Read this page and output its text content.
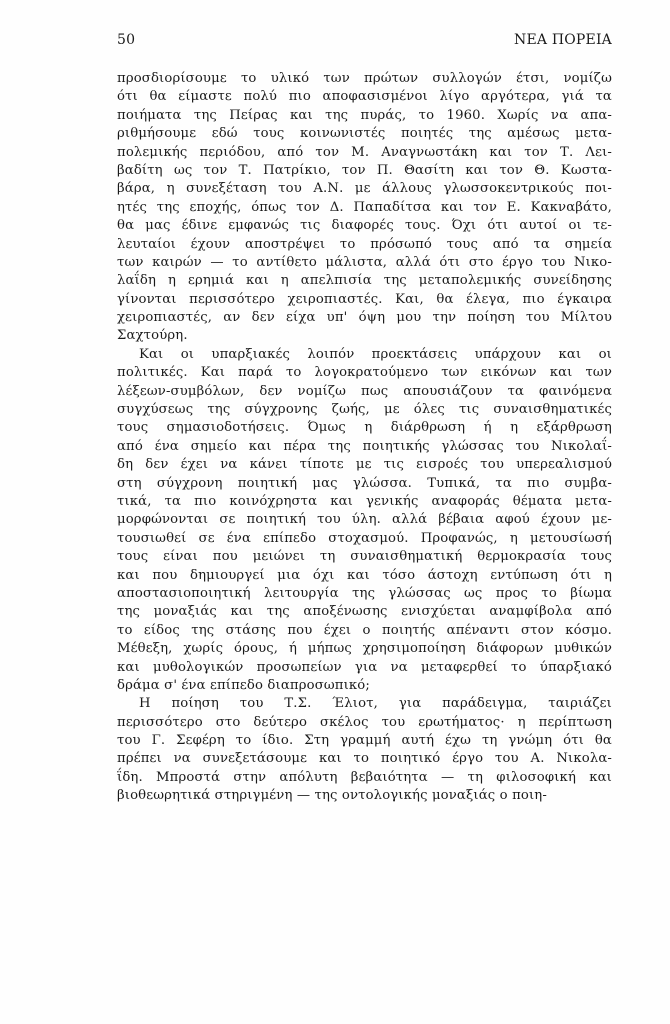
50	ΝΕΑ ΠΟΡΕΙΑ
προσδιορίσουμε το υλικό των πρώτων συλλογών έτσι, νομίζω
ότι θα είμαστε πολύ πιο αποφασισμένοι λίγο αργότερα, γιά τα
ποιήματα της Πείρας και της πυράς, το 1960. Χωρίς να απα-
ριθμήσουμε εδώ τους κοινωνιστές ποιητές της αμέσως μετα-
πολεμικής περιόδου, από τον Μ. Αναγνωστάκη και τον Τ. Λει-
βαδίτη ως τον Τ. Πατρίκιο, τον Π. Θασίτη και τον Θ. Κωστα-
βάρα, η συνεξέταση του Α.Ν. με άλλους γλωσσοκεντρικούς ποι-
ητές της εποχής, όπως τον Δ. Παπαδίτσα και τον Ε. Κακναβάτο,
θα μας έδινε εμφανώς τις διαφορές τους. Όχι ότι αυτοί οι τε-
λευταίοι έχουν αποστρέψει το πρόσωπό τους από τα σημεία
των καιρών — το αντίθετο μάλιστα, αλλά ότι στο έργο του Νικο-
λαΐδη η ερημιά και η απελπισία της μεταπολεμικής συνείδησης
γίνονται περισσότερο χειροπιαστές. Και, θα έλεγα, πιο έγκαιρα
χειροπιαστές, αν δεν είχα υπ' όψη μου την ποίηση του Μίλτου
Σαχτούρη.
Και οι υπαρξιακές λοιπόν προεκτάσεις υπάρχουν και οι
πολιτικές. Και παρά το λογοκρατούμενο των εικόνων και των
λέξεων-συμβόλων, δεν νομίζω πως απουσιάζουν τα φαινόμενα
συγχύσεως της σύγχρονης ζωής, με όλες τις συναισθηματικές
τους σημασιοδοτήσεις. Όμως η διάρθρωση ή η εξάρθρωση
από ένα σημείο και πέρα της ποιητικής γλώσσας του Νικολαΐ-
δη δεν έχει να κάνει τίποτε με τις εισροές του υπερεαλισμού
στη σύγχρονη ποιητική μας γλώσσα. Τυπικά, τα πιο συμβα-
τικά, τα πιο κοινόχρηστα και γενικής αναφοράς θέματα μετα-
μορφώνονται σε ποιητική του ύλη. αλλά βέβαια αφού έχουν με-
τουσιωθεί σε ένα επίπεδο στοχασμού. Προφανώς, η μετουσίωσή
τους είναι που μειώνει τη συναισθηματική θερμοκρασία τους
και που δημιουργεί μια όχι και τόσο άστοχη εντύπωση ότι η
αποστασιοποιητική λειτουργία της γλώσσας ως προς το βίωμα
της μοναξιάς και της αποξένωσης ενισχύεται αναμφίβολα από
το είδος της στάσης που έχει ο ποιητής απέναντι στον κόσμο.
Μέθεξη, χωρίς όρους, ή μήπως χρησιμοποίηση διάφορων μυθικών
και μυθολογικών προσωπείων για να μεταφερθεί το ύπαρξιακό
δράμα σ' ένα επίπεδο διαπροσωπικό;
Η ποίηση του Τ.Σ. Έλιοτ, για παράδειγμα, ταιριάζει
περισσότερο στο δεύτερο σκέλος του ερωτήματος· η περίπτωση
του Γ. Σεφέρη το ίδιο. Στη γραμμή αυτή έχω τη γνώμη ότι θα
πρέπει να συνεξετάσουμε και το ποιητικό έργο του Α. Νικολα-
ΐδη. Μπροστά στην απόλυτη βεβαιότητα — τη φιλοσοφική και
βιοθεωρητικά στηριγμένη — της οντολογικής μοναξιάς ο ποιη-
